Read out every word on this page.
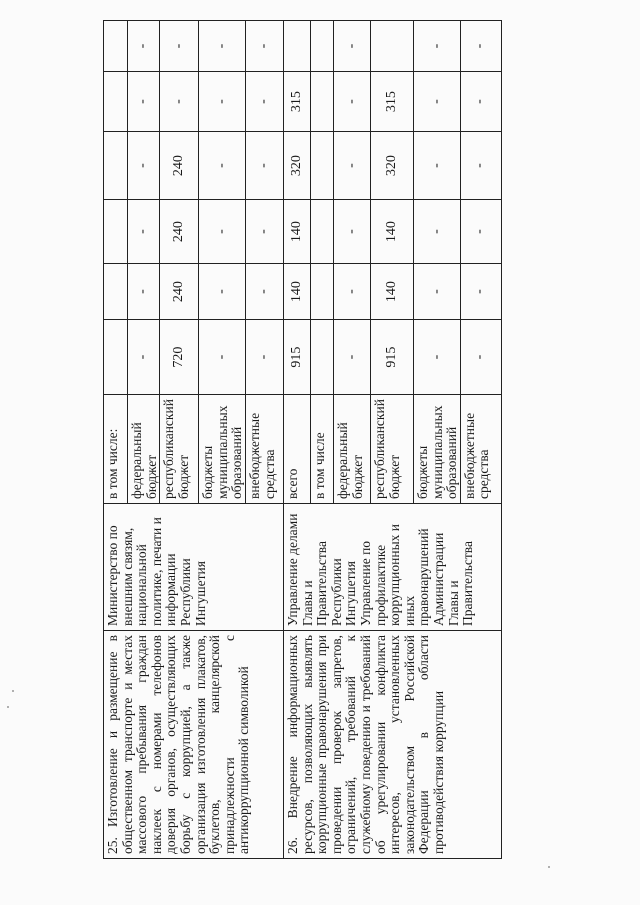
25. Изготовление и размещение в общественном транспорте и местах массового пребывания граждан наклеек с номерами телефонов доверия органов, осуществляющих борьбу с коррупцией, а также организация изготовления плакатов, буклетов, канцелярской принадлежности с антикоррупционной символикой	Министерство по внешним связям, национальной политике, печати и информации Республики Ингушетия	в том числе:						
		федеральный бюджет	-	-	-	-	-	-
		республиканский бюджет	720	240	240	240	-	-
		бюджеты муниципальных образований	-	-	-	-	-	-
		внебюджетные средства	-	-	-	-	-	-
26. Внедрение информационных ресурсов, позволяющих выявлять коррупционные правонарушения при проведении проверок запретов, ограничений, требований к служебному поведению и требований об урегулировании конфликта интересов, установленных законодательством Российской Федерации в области противодействия коррупции	Управление делами Главы и Правительства Республики Ингушетия Управление по профилактике коррупционных и иных правонарушений Администрации Главы и Правительства	всего	915	140	140	320	315	
		в том числе						
		федеральный бюджет	-	-	-	-	-	-
		республиканский бюджет	915	140	140	320	315	
		бюджеты муниципальных образований	-	-	-	-	-	-
		внебюджетные средства	-	-	-	-	-	-
